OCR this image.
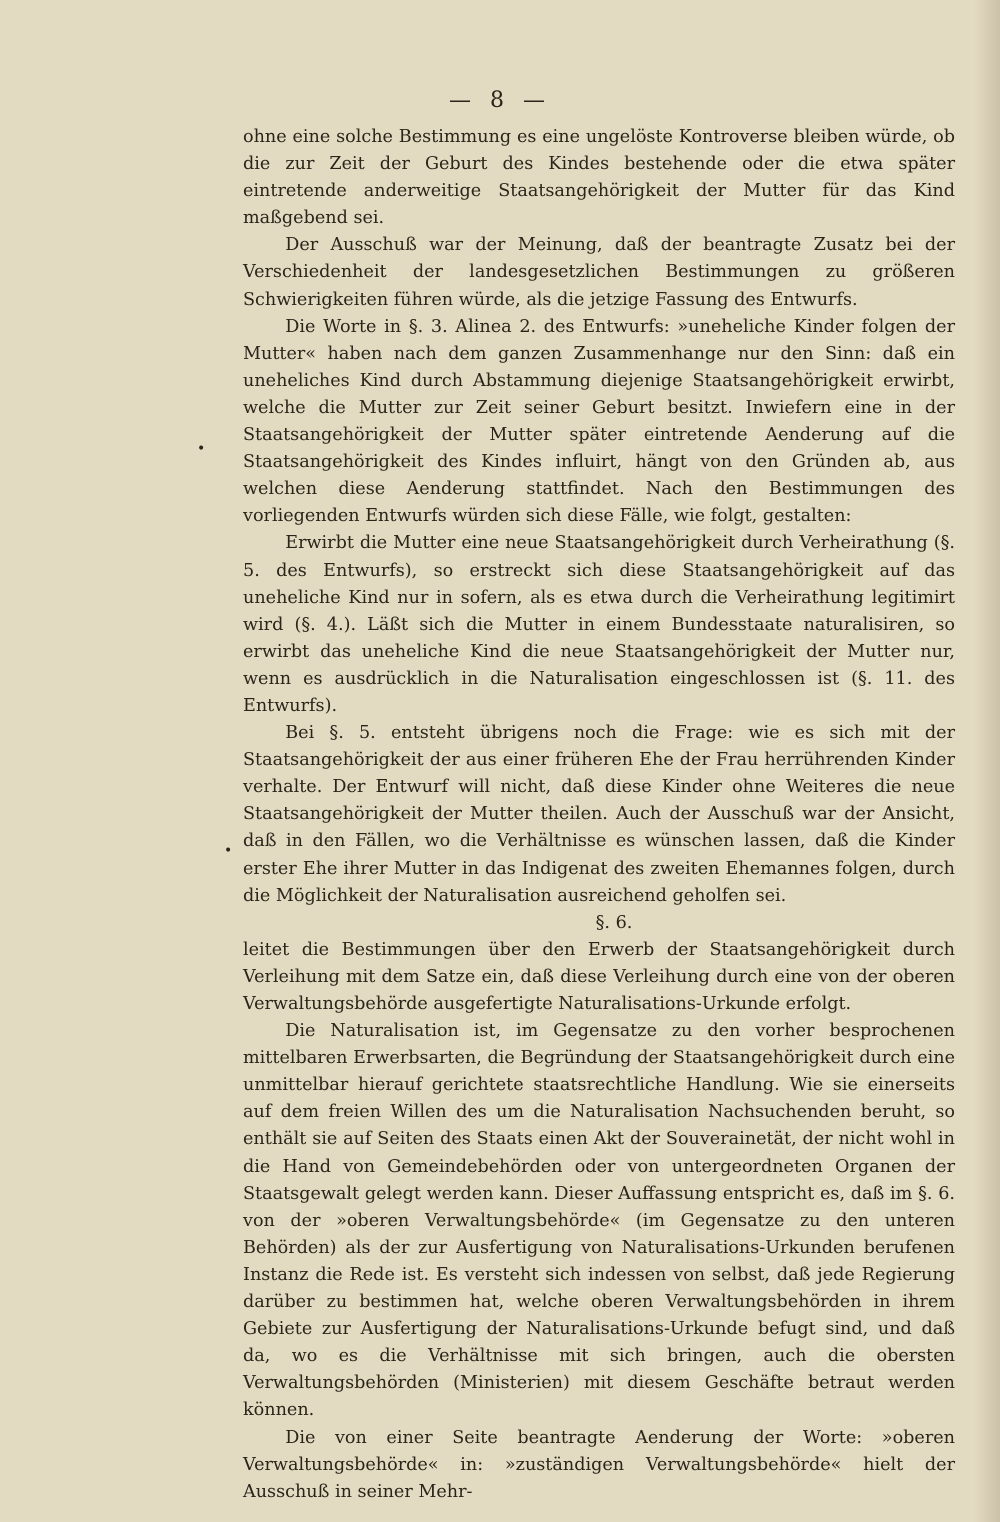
— 8 —

ohne eine solche Bestimmung es eine ungelöste Kontroverse bleiben würde, ob die zur Zeit der Geburt des Kindes bestehende oder die etwa später eintretende anderweitige Staatsangehörigkeit der Mutter für das Kind maßgebend sei.

Der Ausschuß war der Meinung, daß der beantragte Zusatz bei der Verschiedenheit der landesgesetzlichen Bestimmungen zu größeren Schwierigkeiten führen würde, als die jetzige Fassung des Entwurfs.

Die Worte in §. 3. Alinea 2. des Entwurfs: »uneheliche Kinder folgen der Mutter« haben nach dem ganzen Zusammenhange nur den Sinn: daß ein uneheliches Kind durch Abstammung diejenige Staatsangehörigkeit erwirbt, welche die Mutter zur Zeit seiner Geburt besitzt. Inwiefern eine in der Staatsangehörigkeit der Mutter später eintretende Aenderung auf die Staatsangehörigkeit des Kindes influirt, hängt von den Gründen ab, aus welchen diese Aenderung stattfindet. Nach den Bestimmungen des vorliegenden Entwurfs würden sich diese Fälle, wie folgt, gestalten:

Erwirbt die Mutter eine neue Staatsangehörigkeit durch Verheirathung (§. 5. des Entwurfs), so erstreckt sich diese Staatsangehörigkeit auf das uneheliche Kind nur in sofern, als es etwa durch die Verheirathung legitimirt wird (§. 4.). Läßt sich die Mutter in einem Bundesstaate naturalisiren, so erwirbt das uneheliche Kind die neue Staatsangehörigkeit der Mutter nur, wenn es ausdrücklich in die Naturalisation eingeschlossen ist (§. 11. des Entwurfs).

Bei §. 5. entsteht übrigens noch die Frage: wie es sich mit der Staatsangehörigkeit der aus einer früheren Ehe der Frau herrührenden Kinder verhalte. Der Entwurf will nicht, daß diese Kinder ohne Weiteres die neue Staatsangehörigkeit der Mutter theilen. Auch der Ausschuß war der Ansicht, daß in den Fällen, wo die Verhältnisse es wünschen lassen, daß die Kinder erster Ehe ihrer Mutter in das Indigenat des zweiten Ehemannes folgen, durch die Möglichkeit der Naturalisation ausreichend geholfen sei.

§. 6.

leitet die Bestimmungen über den Erwerb der Staatsangehörigkeit durch Verleihung mit dem Satze ein, daß diese Verleihung durch eine von der oberen Verwaltungsbehörde ausgefertigte Naturalisations-Urkunde erfolgt.

Die Naturalisation ist, im Gegensatze zu den vorher besprochenen mittelbaren Erwerbsarten, die Begründung der Staatsangehörigkeit durch eine unmittelbar hierauf gerichtete staatsrechtliche Handlung. Wie sie einerseits auf dem freien Willen des um die Naturalisation Nachsuchenden beruht, so enthält sie auf Seiten des Staats einen Akt der Souverainetät, der nicht wohl in die Hand von Gemeindebehörden oder von untergeordneten Organen der Staatsgewalt gelegt werden kann. Dieser Auffassung entspricht es, daß im §. 6. von der »oberen Verwaltungsbehörde« (im Gegensatze zu den unteren Behörden) als der zur Ausfertigung von Naturalisations-Urkunden berufenen Instanz die Rede ist. Es versteht sich indessen von selbst, daß jede Regierung darüber zu bestimmen hat, welche oberen Verwaltungsbehörden in ihrem Gebiete zur Ausfertigung der Naturalisations-Urkunde befugt sind, und daß da, wo es die Verhältnisse mit sich bringen, auch die obersten Verwaltungsbehörden (Ministerien) mit diesem Geschäfte betraut werden können.

Die von einer Seite beantragte Aenderung der Worte: »oberen Verwaltungsbehörde« in: »zuständigen Verwaltungsbehörde« hielt der Ausschuß in seiner Mehr-

•
•
